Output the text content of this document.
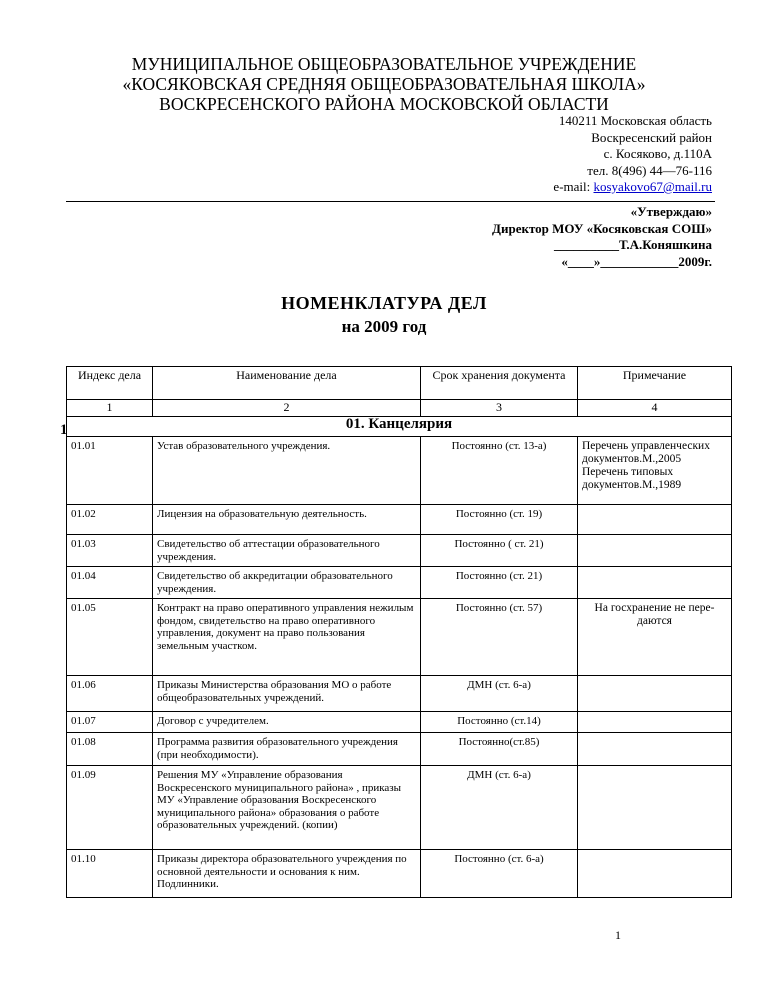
МУНИЦИПАЛЬНОЕ ОБЩЕОБРАЗОВАТЕЛЬНОЕ УЧРЕЖДЕНИЕ
«КОСЯКОВСКАЯ СРЕДНЯЯ ОБЩЕОБРАЗОВАТЕЛЬНАЯ ШКОЛА»
ВОСКРЕСЕНСКОГО РАЙОНА МОСКОВСКОЙ ОБЛАСТИ
140211 Московская область
Воскресенский район
с. Косяково, д.110А
тел. 8(496) 44—76-116
e-mail: kosyakovo67@mail.ru
«Утверждаю»
Директор МОУ «Косяковская СОШ»
__________Т.А.Коняшкина
«____»____________2009г.
НОМЕНКЛАТУРА ДЕЛ
на 2009 год
1
Индекс дела	Наименование дела	Срок хранения документа	Примечание
1	2	3	4
01. Канцелярия			
01.01	Устав образовательного учреждения.	Постоянно (ст. 13-а)	Перечень управленческих документов.М.,2005 Перечень типовых документов.М.,1989
01.02	Лицензия на образовательную деятельность.	Постоянно (ст. 19)	
01.03	Свидетельство об аттестации образовательного учреждения.	Постоянно ( ст. 21)	
01.04	Свидетельство об аккредитации образовательного учреждения.	Постоянно (ст. 21)	
01.05	Контракт на право оперативного управления нежилым фондом, свидетельство на право оперативного управления, документ на право пользования земельным участком.	Постоянно (ст. 57)	На госхранение не пере-даются
01.06	Приказы Министерства образования МО о работе общеобразовательных учреждений.	ДМН (ст. 6-а)	
01.07	Договор с учредителем.	Постоянно (ст.14)	
01.08	Программа развития образовательного учреждения (при необходимости).	Постоянно(ст.85)	
01.09	Решения МУ «Управление образования Воскресенского муниципального района» , приказы МУ «Управление образования Воскресенского муниципального района» образования о работе образовательных учреждений. (копии)	ДМН (ст. 6-а)	
01.10	Приказы директора образовательного учреждения по основной деятельности и основания к ним. Подлинники.	Постоянно (ст. 6-а)	
1
